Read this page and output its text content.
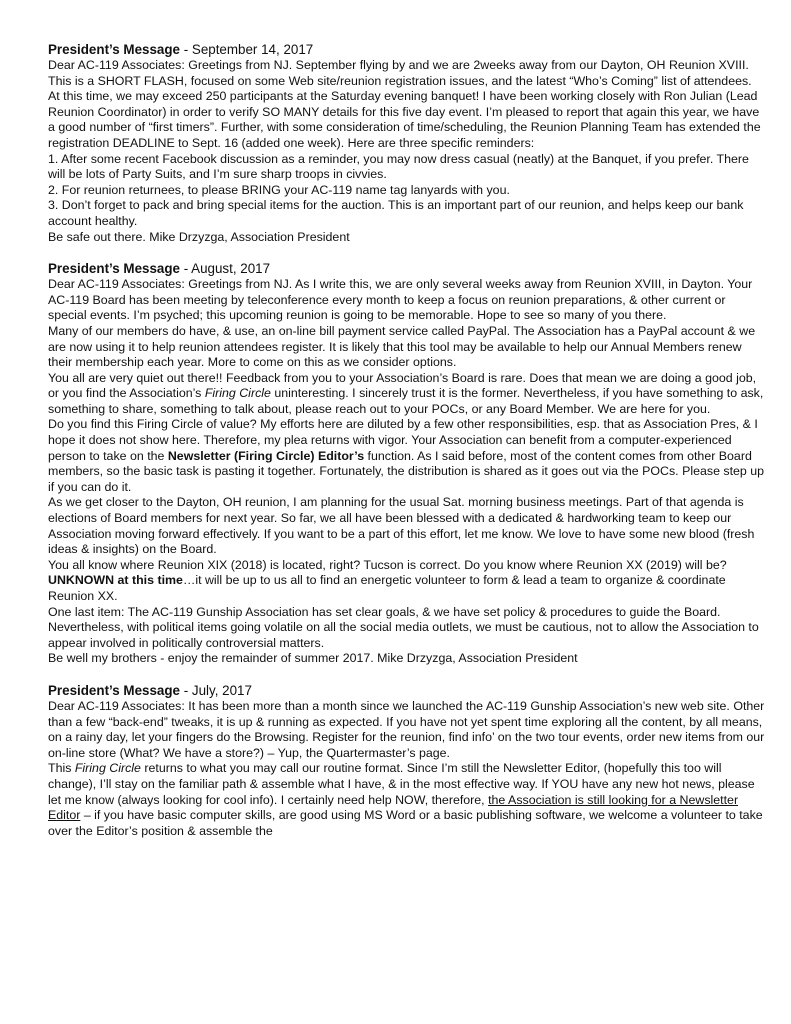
President’s Message - September 14, 2017

Dear AC-119 Associates: Greetings from NJ. September flying by and we are 2weeks away from our Dayton, OH Reunion XVIII. This is a SHORT FLASH, focused on some Web site/reunion registration issues, and the latest “Who’s Coming” list of attendees. At this time, we may exceed 250 participants at the Saturday evening banquet! I have been working closely with Ron Julian (Lead Reunion Coordinator) in order to verify SO MANY details for this five day event. I’m pleased to report that again this year, we have a good number of “first timers”. Further, with some consideration of time/scheduling, the Reunion Planning Team has extended the registration DEADLINE to Sept. 16 (added one week). Here are three specific reminders:

1. After some recent Facebook discussion as a reminder, you may now dress casual (neatly) at the Banquet, if you prefer. There will be lots of Party Suits, and I’m sure sharp troops in civvies.

2. For reunion returnees, to please BRING your AC-119 name tag lanyards with you.

3. Don’t forget to pack and bring special items for the auction. This is an important part of our reunion, and helps keep our bank account healthy.

Be safe out there. Mike Drzyzga, Association President

President’s Message - August, 2017

Dear AC-119 Associates: Greetings from NJ. As I write this, we are only several weeks away from Reunion XVIII, in Dayton. Your AC-119 Board has been meeting by teleconference every month to keep a focus on reunion preparations, & other current or special events. I’m psyched; this upcoming reunion is going to be memorable. Hope to see so many of you there.

Many of our members do have, & use, an on-line bill payment service called PayPal. The Association has a PayPal account & we are now using it to help reunion attendees register. It is likely that this tool may be available to help our Annual Members renew their membership each year. More to come on this as we consider options.

You all are very quiet out there!! Feedback from you to your Association’s Board is rare. Does that mean we are doing a good job, or you find the Association’s Firing Circle uninteresting. I sincerely trust it is the former. Nevertheless, if you have something to ask, something to share, something to talk about, please reach out to your POCs, or any Board Member. We are here for you.

Do you find this Firing Circle of value? My efforts here are diluted by a few other responsibilities, esp. that as Association Pres, & I hope it does not show here. Therefore, my plea returns with vigor. Your Association can benefit from a computer-experienced person to take on the Newsletter (Firing Circle) Editor’s function. As I said before, most of the content comes from other Board members, so the basic task is pasting it together. Fortunately, the distribution is shared as it goes out via the POCs. Please step up if you can do it.

As we get closer to the Dayton, OH reunion, I am planning for the usual Sat. morning business meetings. Part of that agenda is elections of Board members for next year. So far, we all have been blessed with a dedicated & hardworking team to keep our Association moving forward effectively. If you want to be a part of this effort, let me know. We love to have some new blood (fresh ideas & insights) on the Board.

You all know where Reunion XIX (2018) is located, right? Tucson is correct. Do you know where Reunion XX (2019) will be? UNKNOWN at this time…it will be up to us all to find an energetic volunteer to form & lead a team to organize & coordinate Reunion XX.

One last item: The AC-119 Gunship Association has set clear goals, & we have set policy & procedures to guide the Board. Nevertheless, with political items going volatile on all the social media outlets, we must be cautious, not to allow the Association to appear involved in politically controversial matters.

Be well my brothers - enjoy the remainder of summer 2017. Mike Drzyzga, Association President

President’s Message - July, 2017

Dear AC-119 Associates: It has been more than a month since we launched the AC-119 Gunship Association’s new web site. Other than a few “back-end” tweaks, it is up & running as expected. If you have not yet spent time exploring all the content, by all means, on a rainy day, let your fingers do the Browsing. Register for the reunion, find info’ on the two tour events, order new items from our on-line store (What? We have a store?) – Yup, the Quartermaster’s page.

This Firing Circle returns to what you may call our routine format. Since I’m still the Newsletter Editor, (hopefully this too will change), I’ll stay on the familiar path & assemble what I have, & in the most effective way. If YOU have any new hot news, please let me know (always looking for cool info). I certainly need help NOW, therefore, the Association is still looking for a Newsletter Editor – if you have basic computer skills, are good using MS Word or a basic publishing software, we welcome a volunteer to take over the Editor’s position & assemble the
